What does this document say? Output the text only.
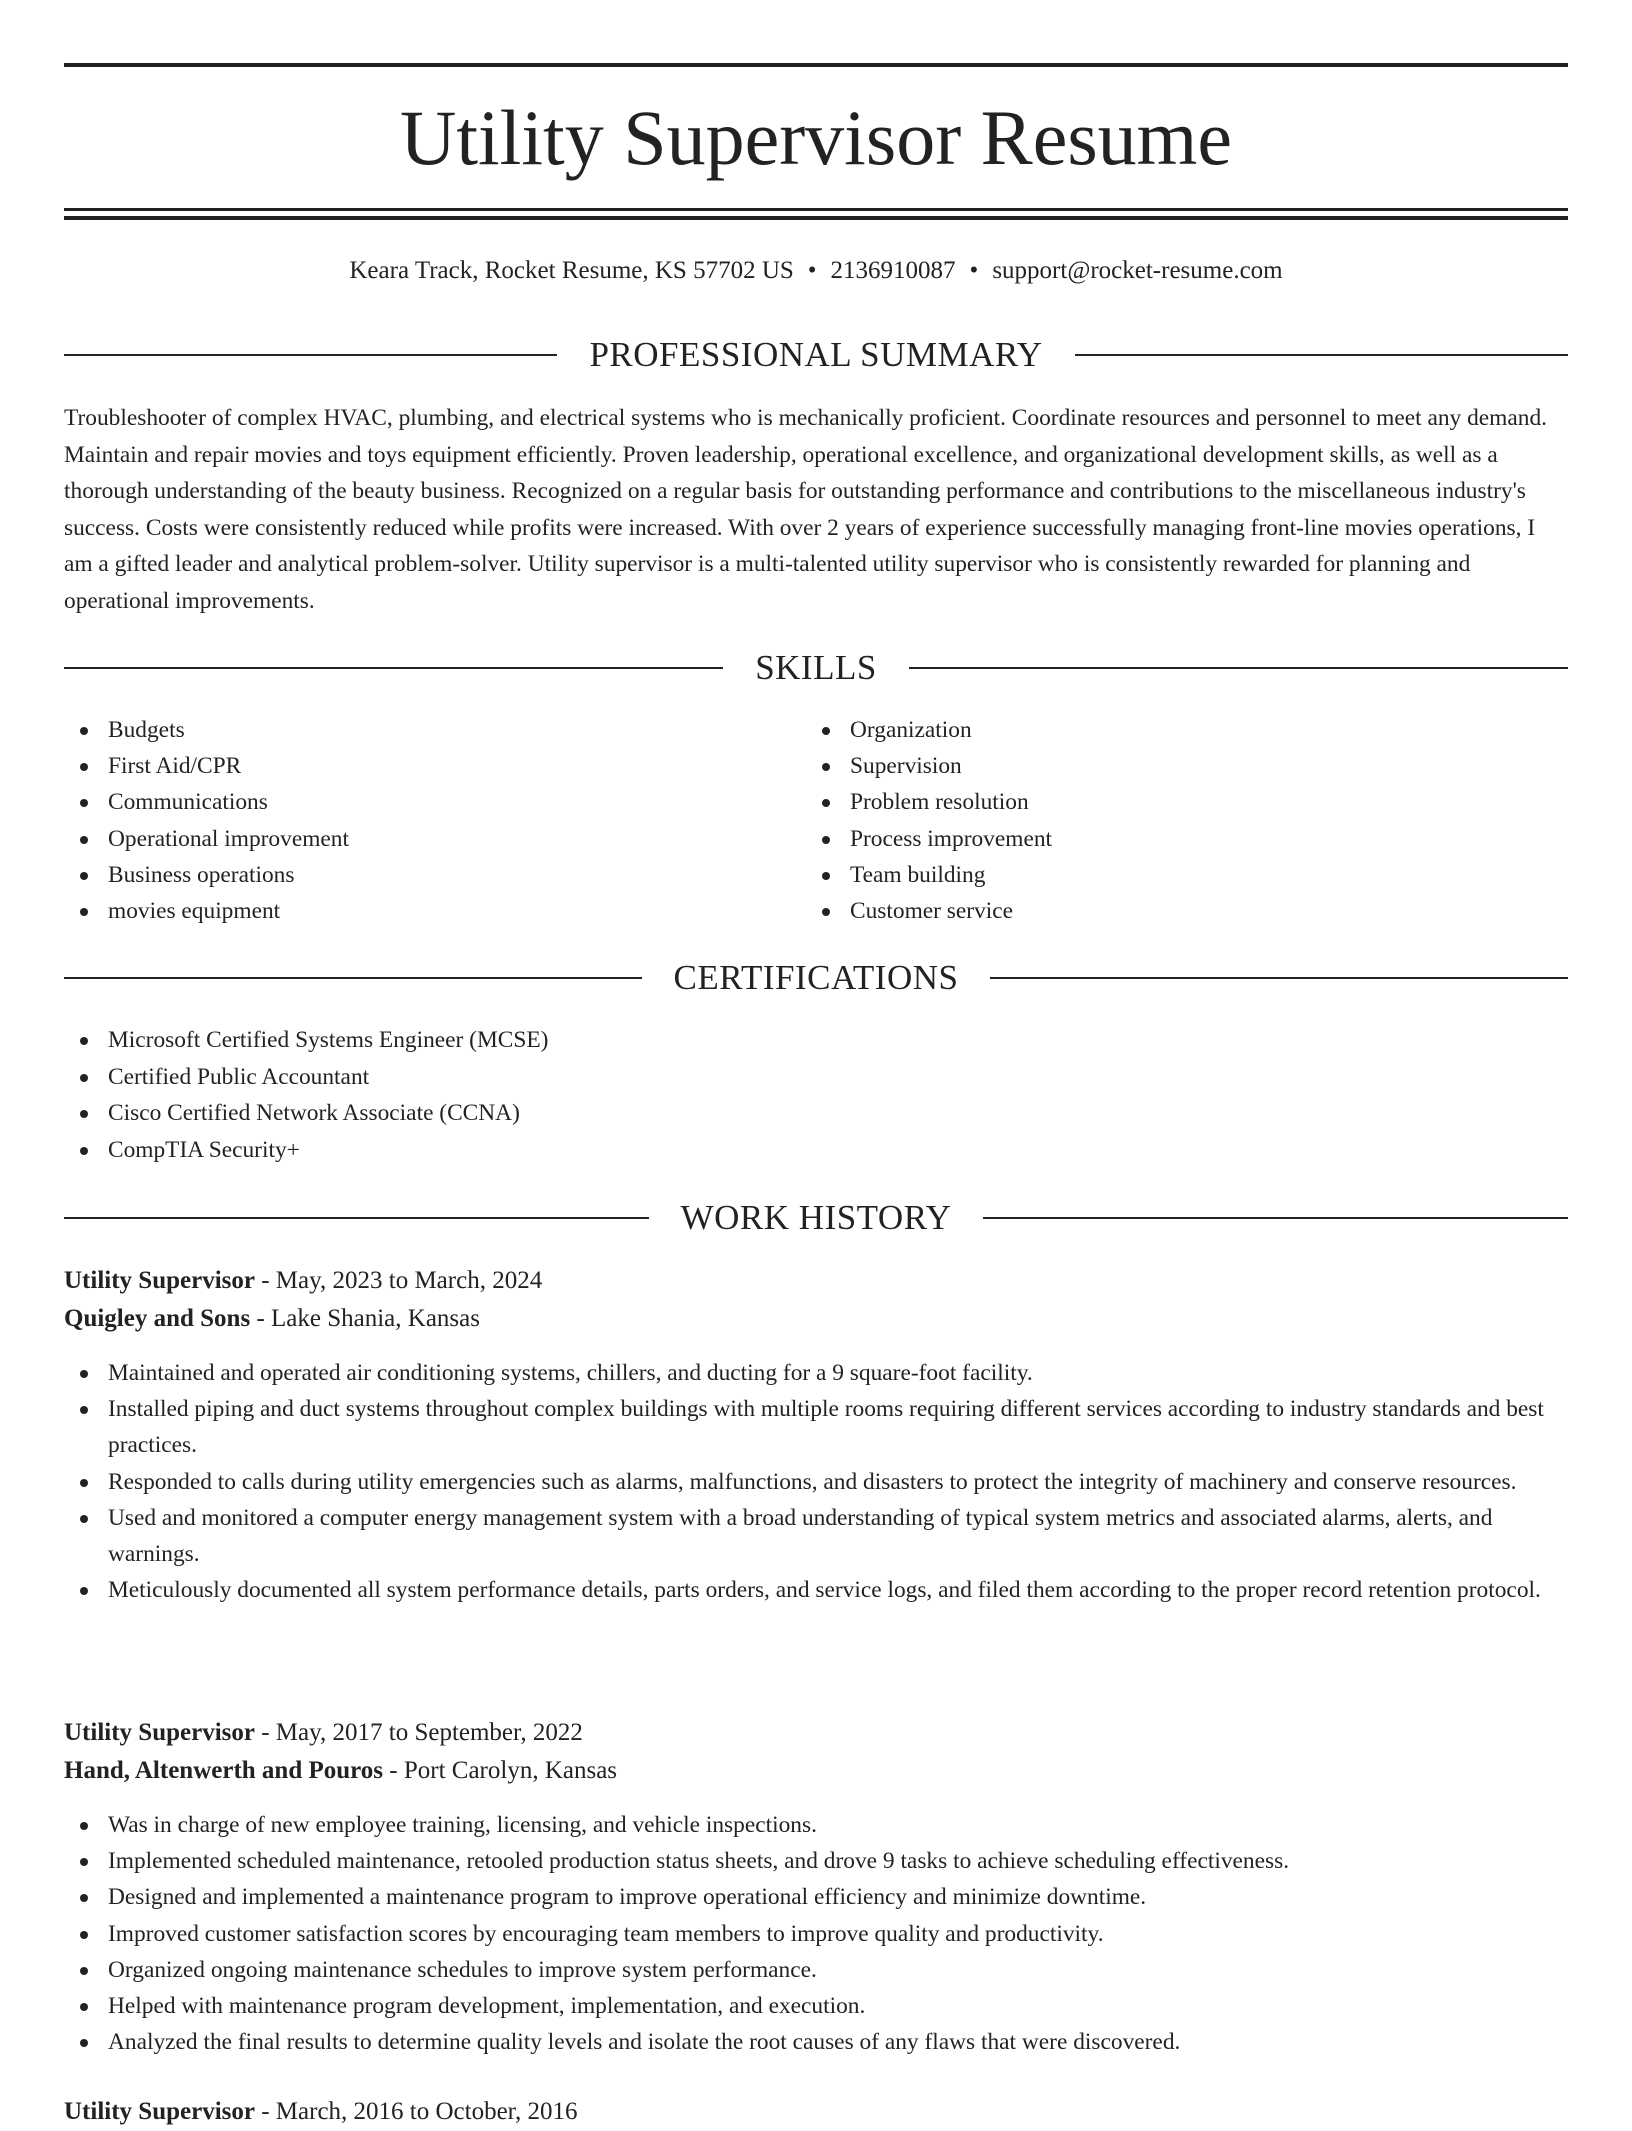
Utility Supervisor Resume
Keara Track, Rocket Resume, KS 57702 US • 2136910087 • support@rocket-resume.com
PROFESSIONAL SUMMARY

Troubleshooter of complex HVAC, plumbing, and electrical systems who is mechanically proficient. Coordinate resources and personnel to meet any demand. Maintain and repair movies and toys equipment efficiently. Proven leadership, operational excellence, and organizational development skills, as well as a thorough understanding of the beauty business. Recognized on a regular basis for outstanding performance and contributions to the miscellaneous industry's success. Costs were consistently reduced while profits were increased. With over 2 years of experience successfully managing front-line movies operations, I am a gifted leader and analytical problem-solver. Utility supervisor is a multi-talented utility supervisor who is consistently rewarded for planning and operational improvements.

SKILLS
Budgets
First Aid/CPR
Communications
Operational improvement
Business operations
movies equipment
Organization
Supervision
Problem resolution
Process improvement
Team building
Customer service
CERTIFICATIONS
Microsoft Certified Systems Engineer (MCSE)
Certified Public Accountant
Cisco Certified Network Associate (CCNA)
CompTIA Security+
WORK HISTORY

Utility Supervisor - May, 2023 to March, 2024

Quigley and Sons - Lake Shania, Kansas

Maintained and operated air conditioning systems, chillers, and ducting for a 9 square-foot facility.
Installed piping and duct systems throughout complex buildings with multiple rooms requiring different services according to industry standards and best practices.
Responded to calls during utility emergencies such as alarms, malfunctions, and disasters to protect the integrity of machinery and conserve resources.
Used and monitored a computer energy management system with a broad understanding of typical system metrics and associated alarms, alerts, and warnings.
Meticulously documented all system performance details, parts orders, and service logs, and filed them according to the proper record retention protocol.

Utility Supervisor - May, 2017 to September, 2022

Hand, Altenwerth and Pouros - Port Carolyn, Kansas

Was in charge of new employee training, licensing, and vehicle inspections.
Implemented scheduled maintenance, retooled production status sheets, and drove 9 tasks to achieve scheduling effectiveness.
Designed and implemented a maintenance program to improve operational efficiency and minimize downtime.
Improved customer satisfaction scores by encouraging team members to improve quality and productivity.
Organized ongoing maintenance schedules to improve system performance.
Helped with maintenance program development, implementation, and execution.
Analyzed the final results to determine quality levels and isolate the root causes of any flaws that were discovered.

Utility Supervisor - March, 2016 to October, 2016
